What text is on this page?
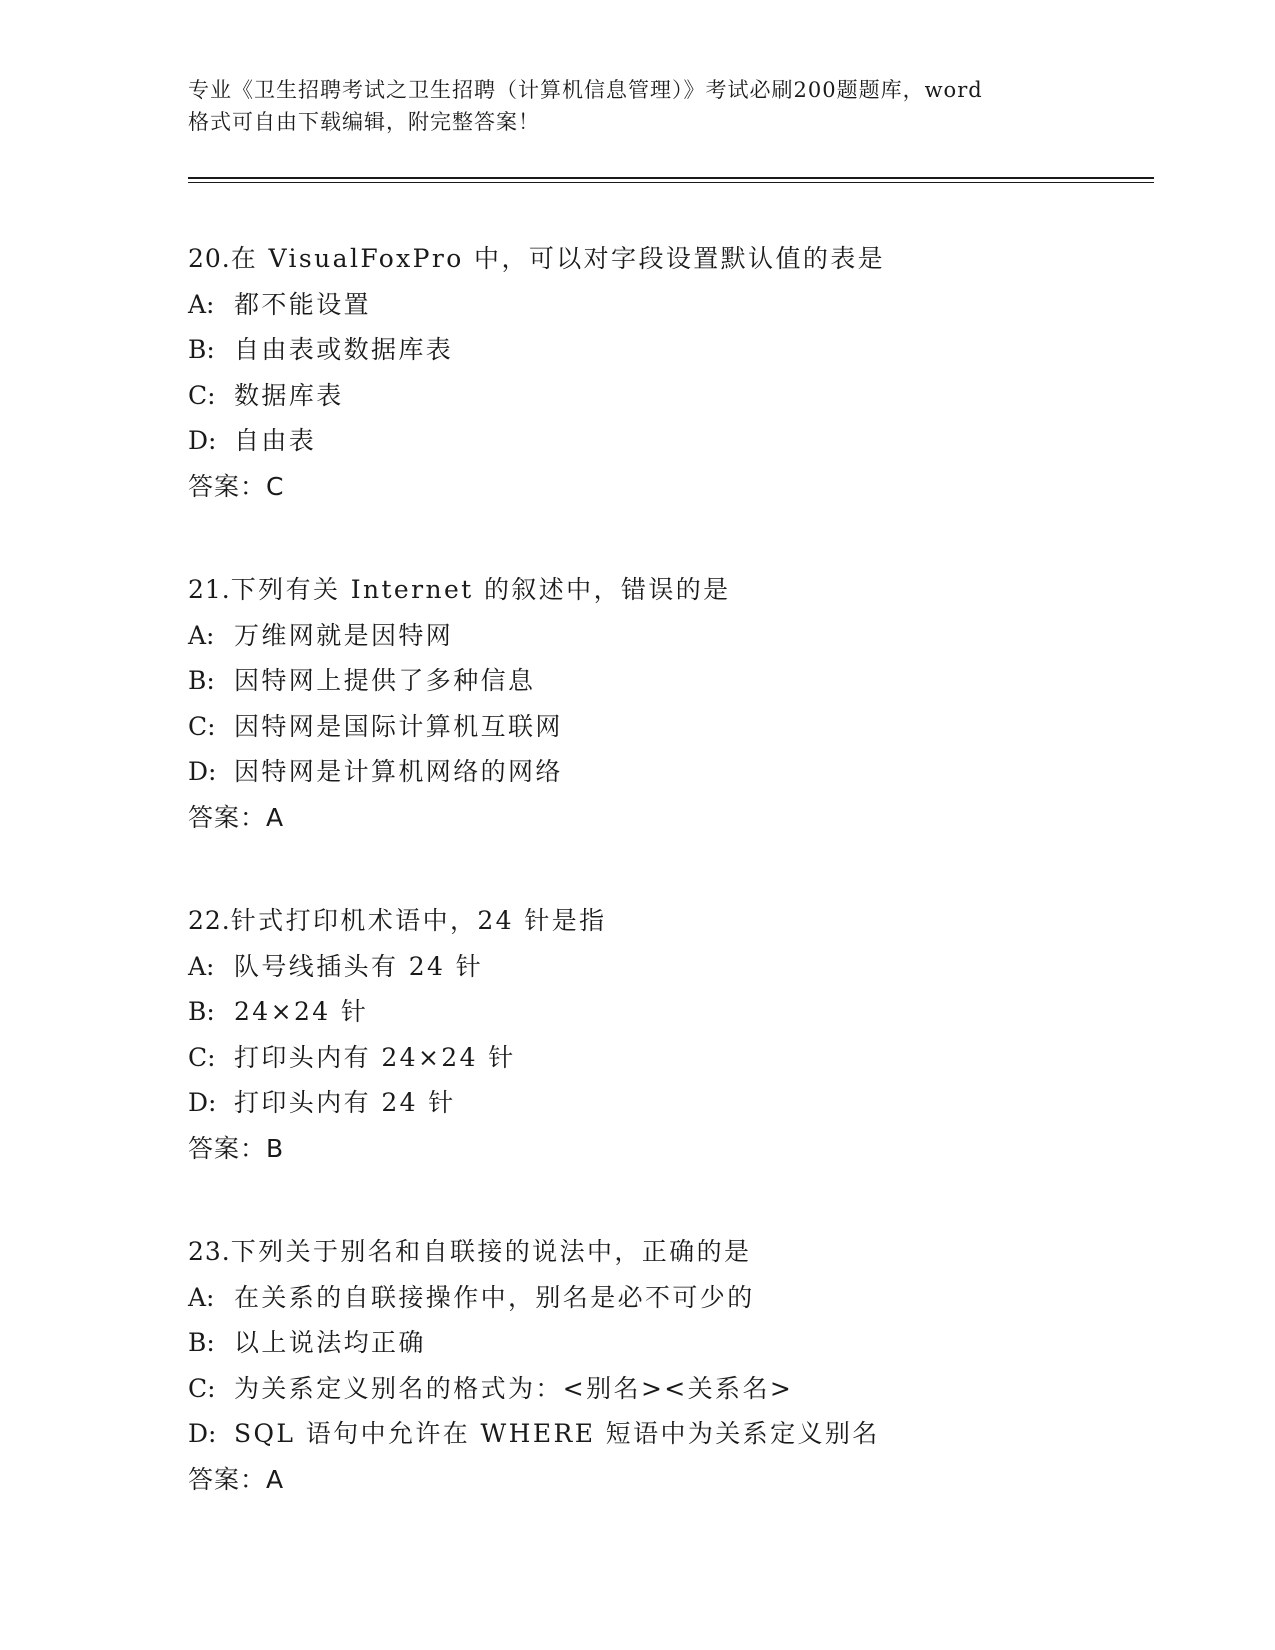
专业《卫生招聘考试之卫生招聘（计算机信息管理）》考试必刷200题题库，word
格式可自由下载编辑，附完整答案！
20.在 VisualFoxPro 中，可以对字段设置默认值的表是
A: 都不能设置
B: 自由表或数据库表
C: 数据库表
D: 自由表
答案：C
21.下列有关 Internet 的叙述中，错误的是
A: 万维网就是因特网
B: 因特网上提供了多种信息
C: 因特网是国际计算机互联网
D: 因特网是计算机网络的网络
答案：A
22.针式打印机术语中，24 针是指
A: 队号线插头有 24 针
B: 24×24 针
C: 打印头内有 24×24 针
D: 打印头内有 24 针
答案：B
23.下列关于别名和自联接的说法中，正确的是
A: 在关系的自联接操作中，别名是必不可少的
B: 以上说法均正确
C: 为关系定义别名的格式为：<别名><关系名>
D: SQL 语句中允许在 WHERE 短语中为关系定义别名
答案：A
